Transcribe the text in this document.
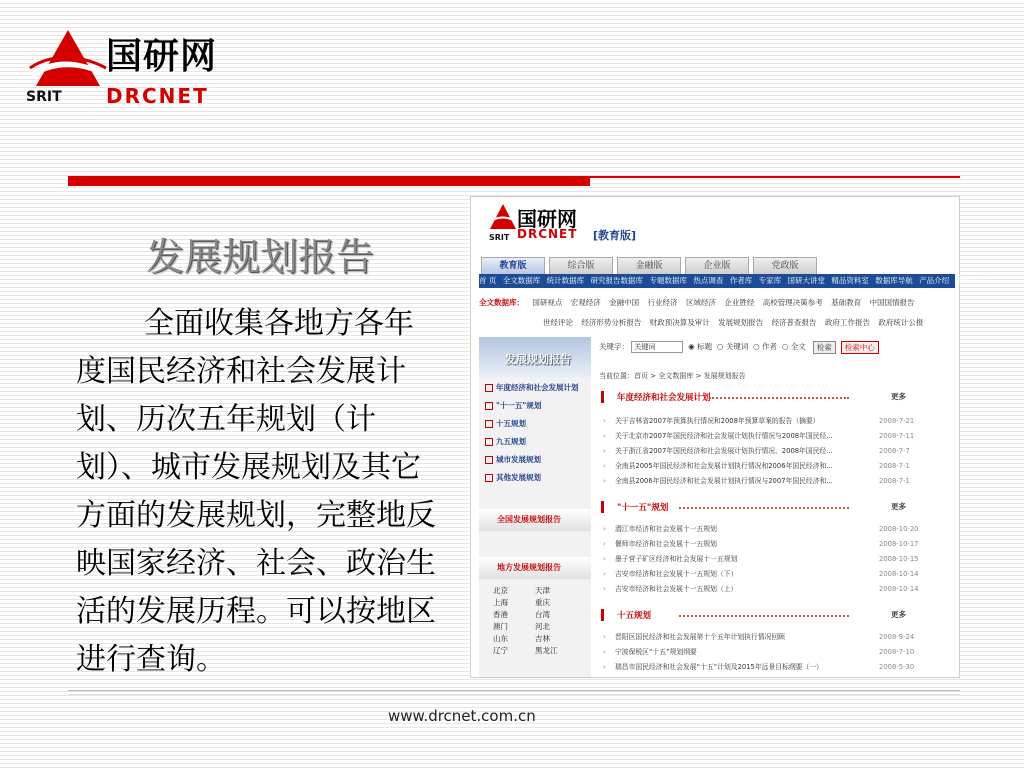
国研网
DRCNET
SRIT
发展规划报告
全面收集各地方各年度国民经济和社会发展计划、历次五年规划（计划）、城市发展规划及其它方面的发展规划，完整地反映国家经济、社会、政治生活的发展历程。可以按地区进行查询。
国研网
DRCNET
SRIT	[教育版]
教育版	综合版	金融版	企业版	党政版
首 页 全文数据库 统计数据库 研究报告数据库 专题数据库 热点调查 作者库 专家库 国研大讲堂 精品资料室 数据库导航 产品介绍 帮助中心
全文数据库： 国研视点 宏观经济 金融中国 行业经济 区域经济 企业胜经 高校管理决策参考 基础教育 中国国情报告
世经评论 经济形势分析报告 财政预决算及审计 发展规划报告 经济普查报告 政府工作报告 政府统计公报
发展规划报告
年度经济和社会发展计划
"十一五"规划
十五规划
九五规划
城市发展规划
其他发展规划
全国发展规划报告
地方发展规划报告
北京	天津
上海	重庆
香港	台湾
澳门	河北
山东	吉林
辽宁	黑龙江
关键字： 关键词	◉ 标题 ○ 关键词 ○ 作者 ○ 全文 检索 检索中心
当前位置：首页 > 全文数据库 > 发展规划报告
年度经济和社会发展计划	更多
› 关于吉林省2007年预算执行情况和2008年预算草案的报告（摘要）	2008-7-21
› 关于北京市2007年国民经济和社会发展计划执行情况与2008年国民经...	2008-7-11
› 关于浙江省2007年国民经济和社会发展计划执行情况、2008年国民经...	2008-7-7
› 全南县2005年国民经济和社会发展计划执行情况和2006年国民经济和...	2008-7-1
› 全南县2006年国民经济和社会发展计划执行情况与2007年国民经济和...	2008-7-1
"十一五"规划	更多
› 潜江市经济和社会发展十一五规划	2008-10-20
› 偃师市经济和社会发展十一五规划	2008-10-17
› 墨子营子矿区经济和社会发展十一五规划	2008-10-15
› 吉安市经济和社会发展十一五规划（下）	2008-10-14
› 吉安市经济和社会发展十一五规划（上）	2008-10-14
十五规划	更多
› 晋阳区国民经济和社会发展第十个五年计划执行情况回顾	2008-9-24
› 宁波保税区“十五”规划纲要	2008-7-10
› 瑞昌市国民经济和社会发展“十五”计划及2015年远景目标纲要（一）	2008-5-30
www.drcnet.com.cn
